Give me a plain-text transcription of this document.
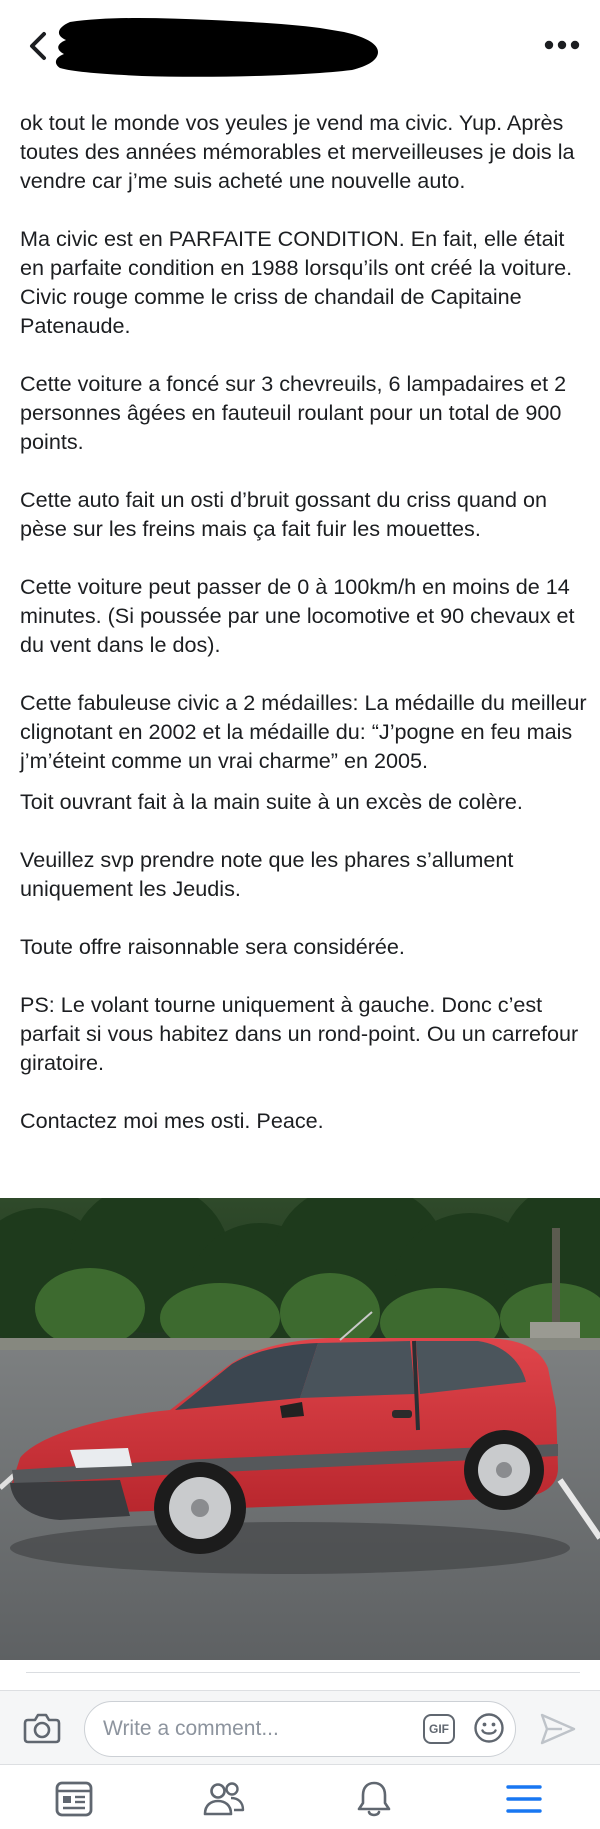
ok tout le monde vos yeules je vend ma civic. Yup. Après toutes des années mémorables et merveilleuses je dois la vendre car j’me suis acheté une nouvelle auto.

Ma civic est en PARFAITE CONDITION. En fait, elle était en parfaite condition en 1988 lorsqu’ils ont créé la voiture. Civic rouge comme le criss de chandail de Capitaine Patenaude.

Cette voiture a foncé sur 3 chevreuils, 6 lampadaires et 2 personnes âgées en fauteuil roulant pour un total de 900 points.

Cette auto fait un osti d’bruit gossant du criss quand on pèse sur les freins mais ça fait fuir les mouettes.

Cette voiture peut passer de 0 à 100km/h en moins de 14 minutes. (Si poussée par une locomotive et 90 chevaux et du vent dans le dos).

Cette fabuleuse civic a 2 médailles: La médaille du meilleur clignotant en 2002 et la médaille du: “J’pogne en feu mais j’m’éteint comme un vrai charme” en 2005.

Toit ouvrant fait à la main suite à un excès de colère.

Veuillez svp prendre note que les phares s’allument uniquement les Jeudis.

Toute offre raisonnable sera considérée.

PS: Le volant tourne uniquement à gauche. Donc c’est parfait si vous habitez dans un rond-point. Ou un carrefour giratoire.

Contactez moi mes osti. Peace.

Write a comment...	GIF
